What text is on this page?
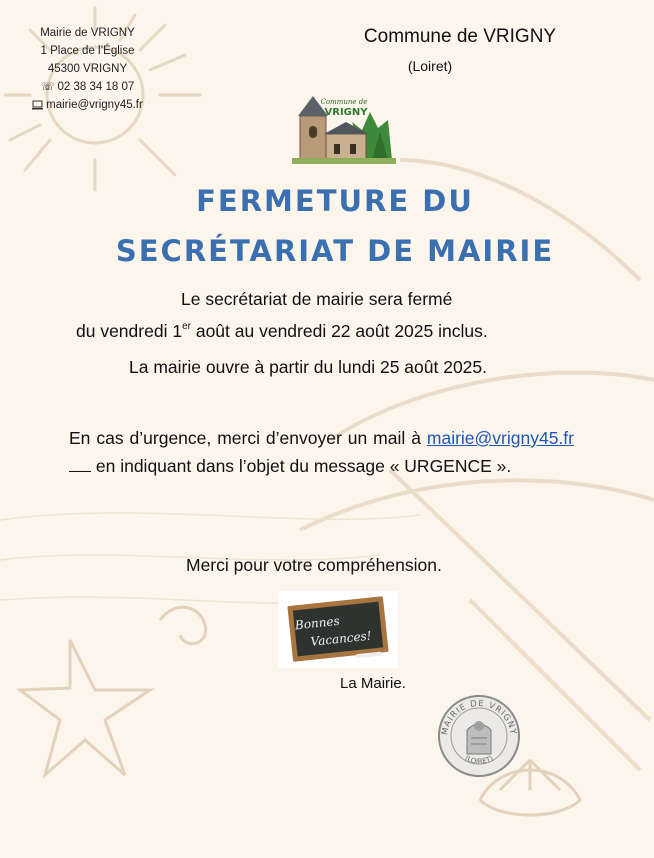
Mairie de VRIGNY
1 Place de l’Église
45300 VRIGNY
☏ 02 38 34 18 07
mairie@vrigny45.fr
Commune de VRIGNY
(Loiret)
Commune de
VRIGNY
FERMETURE DU
SECRÉTARIAT DE MAIRIE
Le secrétariat de mairie sera fermé
du vendredi 1er août au vendredi 22 août 2025 inclus.
La mairie ouvre à partir du lundi 25 août 2025.
En cas d’urgence, merci d’envoyer un mail à mairie@vrigny45.fr en indiquant dans l’objet du message « URGENCE ».
Merci pour votre compréhension.
Bonnes
Vacances!
La Mairie.
MAIRIE DE VRIGNY
(LOIRET)
